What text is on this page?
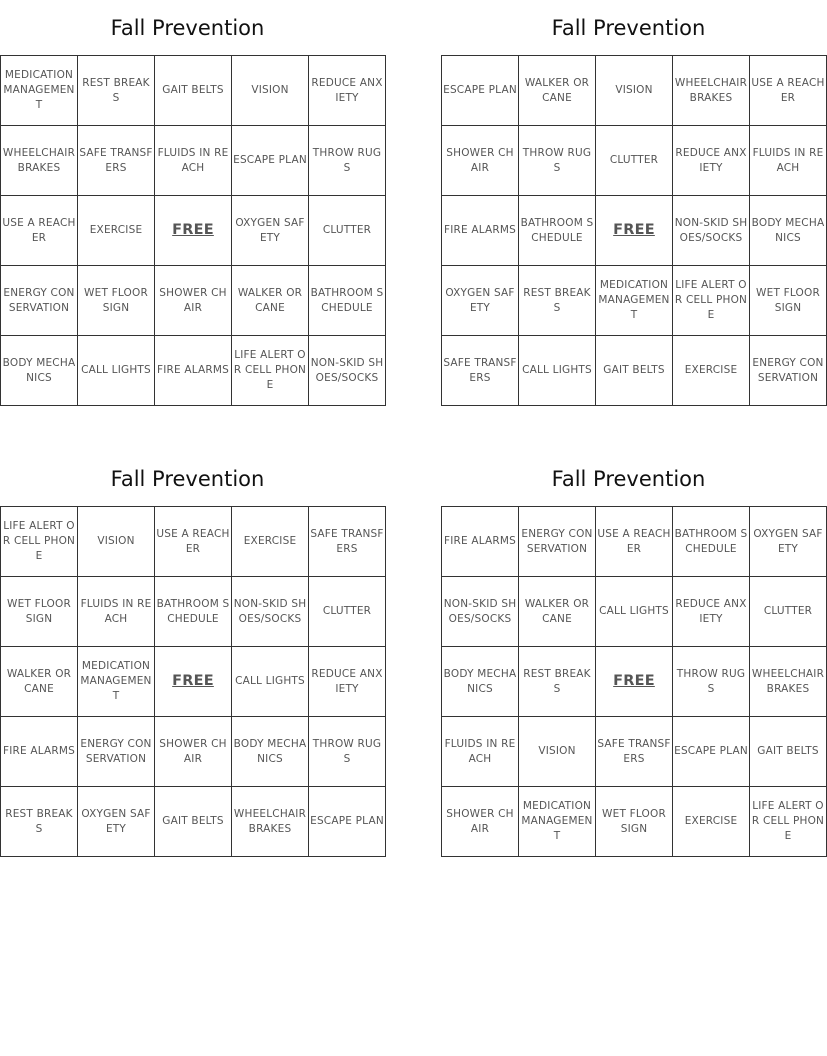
Fall Prevention
MEDICATION MANAGEMENT	REST BREAKS	GAIT BELTS	VISION	REDUCE ANXIETY
WHEELCHAIR BRAKES	SAFE TRANSFERS	FLUIDS IN REACH	ESCAPE PLAN	THROW RUGS
USE A REACHER	EXERCISE	FREE	OXYGEN SAFETY	CLUTTER
ENERGY CONSERVATION	WET FLOOR SIGN	SHOWER CHAIR	WALKER OR CANE	BATHROOM SCHEDULE
BODY MECHANICS	CALL LIGHTS	FIRE ALARMS	LIFE ALERT OR CELL PHONE	NON-SKID SHOES/SOCKS
Fall Prevention
ESCAPE PLAN	WALKER OR CANE	VISION	WHEELCHAIR BRAKES	USE A REACHER
SHOWER CHAIR	THROW RUGS	CLUTTER	REDUCE ANXIETY	FLUIDS IN REACH
FIRE ALARMS	BATHROOM SCHEDULE	FREE	NON-SKID SHOES/SOCKS	BODY MECHANICS
OXYGEN SAFETY	REST BREAKS	MEDICATION MANAGEMENT	LIFE ALERT OR CELL PHONE	WET FLOOR SIGN
SAFE TRANSFERS	CALL LIGHTS	GAIT BELTS	EXERCISE	ENERGY CONSERVATION
Fall Prevention
LIFE ALERT OR CELL PHONE	VISION	USE A REACHER	EXERCISE	SAFE TRANSFERS
WET FLOOR SIGN	FLUIDS IN REACH	BATHROOM SCHEDULE	NON-SKID SHOES/SOCKS	CLUTTER
WALKER OR CANE	MEDICATION MANAGEMENT	FREE	CALL LIGHTS	REDUCE ANXIETY
FIRE ALARMS	ENERGY CONSERVATION	SHOWER CHAIR	BODY MECHANICS	THROW RUGS
REST BREAKS	OXYGEN SAFETY	GAIT BELTS	WHEELCHAIR BRAKES	ESCAPE PLAN
Fall Prevention
FIRE ALARMS	ENERGY CONSERVATION	USE A REACHER	BATHROOM SCHEDULE	OXYGEN SAFETY
NON-SKID SHOES/SOCKS	WALKER OR CANE	CALL LIGHTS	REDUCE ANXIETY	CLUTTER
BODY MECHANICS	REST BREAKS	FREE	THROW RUGS	WHEELCHAIR BRAKES
FLUIDS IN REACH	VISION	SAFE TRANSFERS	ESCAPE PLAN	GAIT BELTS
SHOWER CHAIR	MEDICATION MANAGEMENT	WET FLOOR SIGN	EXERCISE	LIFE ALERT OR CELL PHONE
